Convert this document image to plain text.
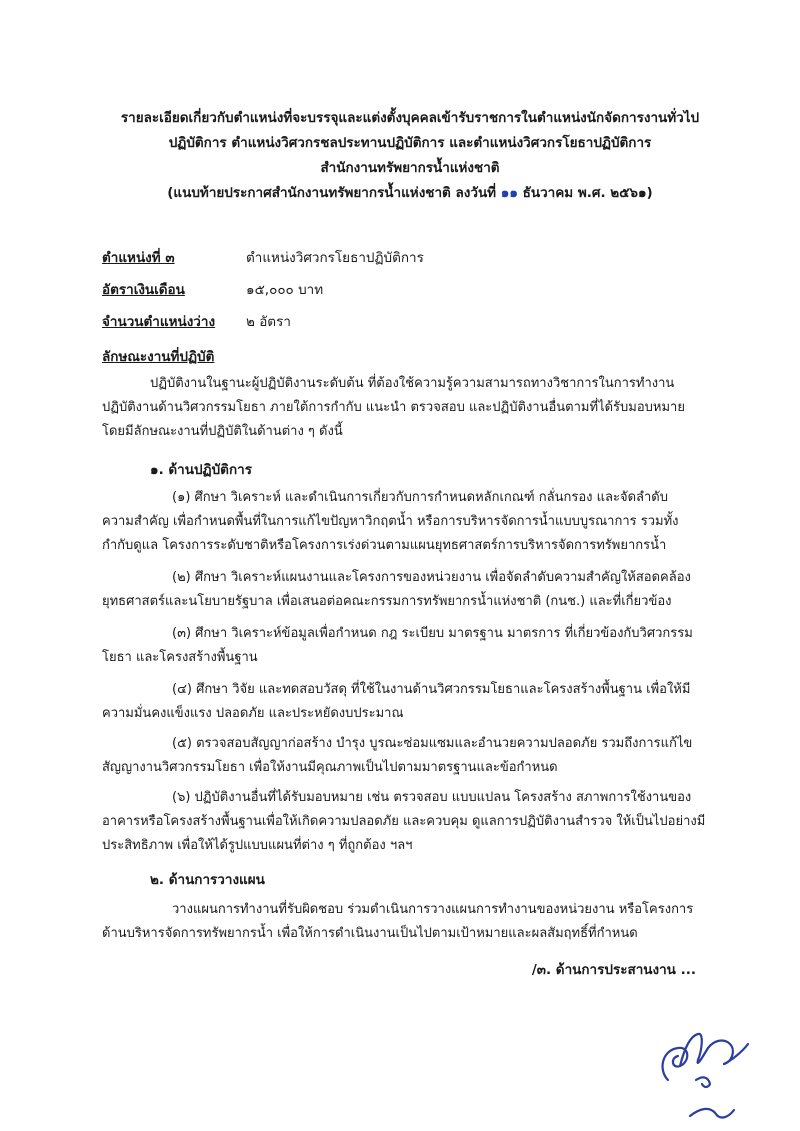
รายละเอียดเกี่ยวกับตำแหน่งที่จะบรรจุและแต่งตั้งบุคคลเข้ารับราชการในตำแหน่งนักจัดการงานทั่วไป
ปฏิบัติการ ตำแหน่งวิศวกรชลประทานปฏิบัติการ และตำแหน่งวิศวกรโยธาปฏิบัติการ
สำนักงานทรัพยากรน้ำแห่งชาติ
(แนบท้ายประกาศสำนักงานทรัพยากรน้ำแห่งชาติ ลงวันที่ ๑๑ ธันวาคม พ.ศ. ๒๕๖๑)
ตำแหน่งที่ ๓	ตำแหน่งวิศวกรโยธาปฏิบัติการ
อัตราเงินเดือน	๑๕,๐๐๐ บาท
จำนวนตำแหน่งว่าง ๒ อัตรา
ลักษณะงานที่ปฏิบัติ
ปฏิบัติงานในฐานะผู้ปฏิบัติงานระดับต้น ที่ต้องใช้ความรู้ความสามารถทางวิชาการในการทำงาน
ปฏิบัติงานด้านวิศวกรรมโยธา ภายใต้การกำกับ แนะนำ ตรวจสอบ และปฏิบัติงานอื่นตามที่ได้รับมอบหมาย
โดยมีลักษณะงานที่ปฏิบัติในด้านต่าง ๆ ดังนี้
๑. ด้านปฏิบัติการ
(๑) ศึกษา วิเคราะห์ และดำเนินการเกี่ยวกับการกำหนดหลักเกณฑ์ กลั่นกรอง และจัดลำดับ
ความสำคัญ เพื่อกำหนดพื้นที่ในการแก้ไขปัญหาวิกฤตน้ำ หรือการบริหารจัดการน้ำแบบบูรณาการ รวมทั้ง
กำกับดูแล โครงการระดับชาติหรือโครงการเร่งด่วนตามแผนยุทธศาสตร์การบริหารจัดการทรัพยากรน้ำ
(๒) ศึกษา วิเคราะห์แผนงานและโครงการของหน่วยงาน เพื่อจัดลำดับความสำคัญให้สอดคล้อง
ยุทธศาสตร์และนโยบายรัฐบาล เพื่อเสนอต่อคณะกรรมการทรัพยากรน้ำแห่งชาติ (กนช.) และที่เกี่ยวข้อง
(๓) ศึกษา วิเคราะห์ข้อมูลเพื่อกำหนด กฎ ระเบียบ มาตรฐาน มาตรการ ที่เกี่ยวข้องกับวิศวกรรม
โยธา และโครงสร้างพื้นฐาน
(๔) ศึกษา วิจัย และทดสอบวัสดุ ที่ใช้ในงานด้านวิศวกรรมโยธาและโครงสร้างพื้นฐาน เพื่อให้มี
ความมั่นคงแข็งแรง ปลอดภัย และประหยัดงบประมาณ
(๕) ตรวจสอบสัญญาก่อสร้าง บำรุง บูรณะซ่อมแซมและอำนวยความปลอดภัย รวมถึงการแก้ไข
สัญญางานวิศวกรรมโยธา เพื่อให้งานมีคุณภาพเป็นไปตามมาตรฐานและข้อกำหนด
(๖) ปฏิบัติงานอื่นที่ได้รับมอบหมาย เช่น ตรวจสอบ แบบแปลน โครงสร้าง สภาพการใช้งานของ
อาคารหรือโครงสร้างพื้นฐานเพื่อให้เกิดความปลอดภัย และควบคุม ดูแลการปฏิบัติงานสำรวจ ให้เป็นไปอย่างมี
ประสิทธิภาพ เพื่อให้ได้รูปแบบแผนที่ต่าง ๆ ที่ถูกต้อง ฯลฯ
๒. ด้านการวางแผน
วางแผนการทำงานที่รับผิดชอบ ร่วมดำเนินการวางแผนการทำงานของหน่วยงาน หรือโครงการ
ด้านบริหารจัดการทรัพยากรน้ำ เพื่อให้การดำเนินงานเป็นไปตามเป้าหมายและผลสัมฤทธิ์ที่กำหนด
/๓. ด้านการประสานงาน ...
